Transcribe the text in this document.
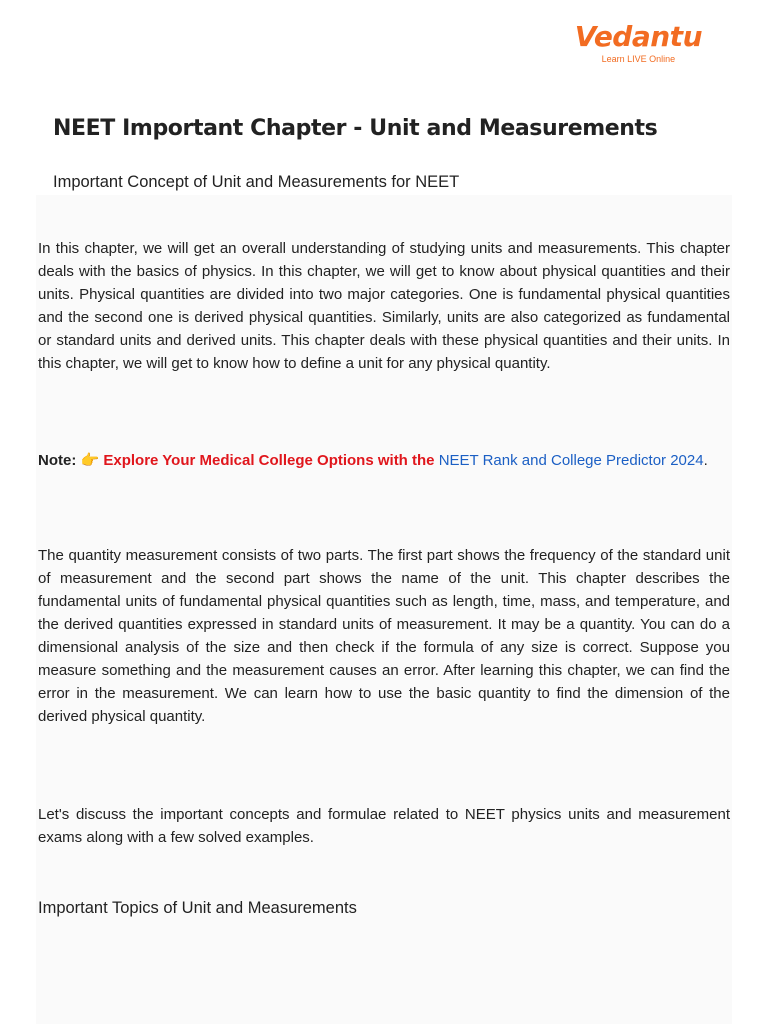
Vedantu
Learn LIVE Online
NEET Important Chapter - Unit and Measurements
Important Concept of Unit and Measurements for NEET

In this chapter, we will get an overall understanding of studying units and measurements. This chapter deals with the basics of physics. In this chapter, we will get to know about physical quantities and their units. Physical quantities are divided into two major categories. One is fundamental physical quantities and the second one is derived physical quantities. Similarly, units are also categorized as fundamental or standard units and derived units. This chapter deals with these physical quantities and their units. In this chapter, we will get to know how to define a unit for any physical quantity.

Note: 👉 Explore Your Medical College Options with the NEET Rank and College Predictor 2024.

The quantity measurement consists of two parts. The first part shows the frequency of the standard unit of measurement and the second part shows the name of the unit. This chapter describes the fundamental units of fundamental physical quantities such as length, time, mass, and temperature, and the derived quantities expressed in standard units of measurement. It may be a quantity. You can do a dimensional analysis of the size and then check if the formula of any size is correct. Suppose you measure something and the measurement causes an error. After learning this chapter, we can find the error in the measurement. We can learn how to use the basic quantity to find the dimension of the derived physical quantity.

Let's discuss the important concepts and formulae related to NEET physics units and measurement exams along with a few solved examples.

Important Topics of Unit and Measurements
